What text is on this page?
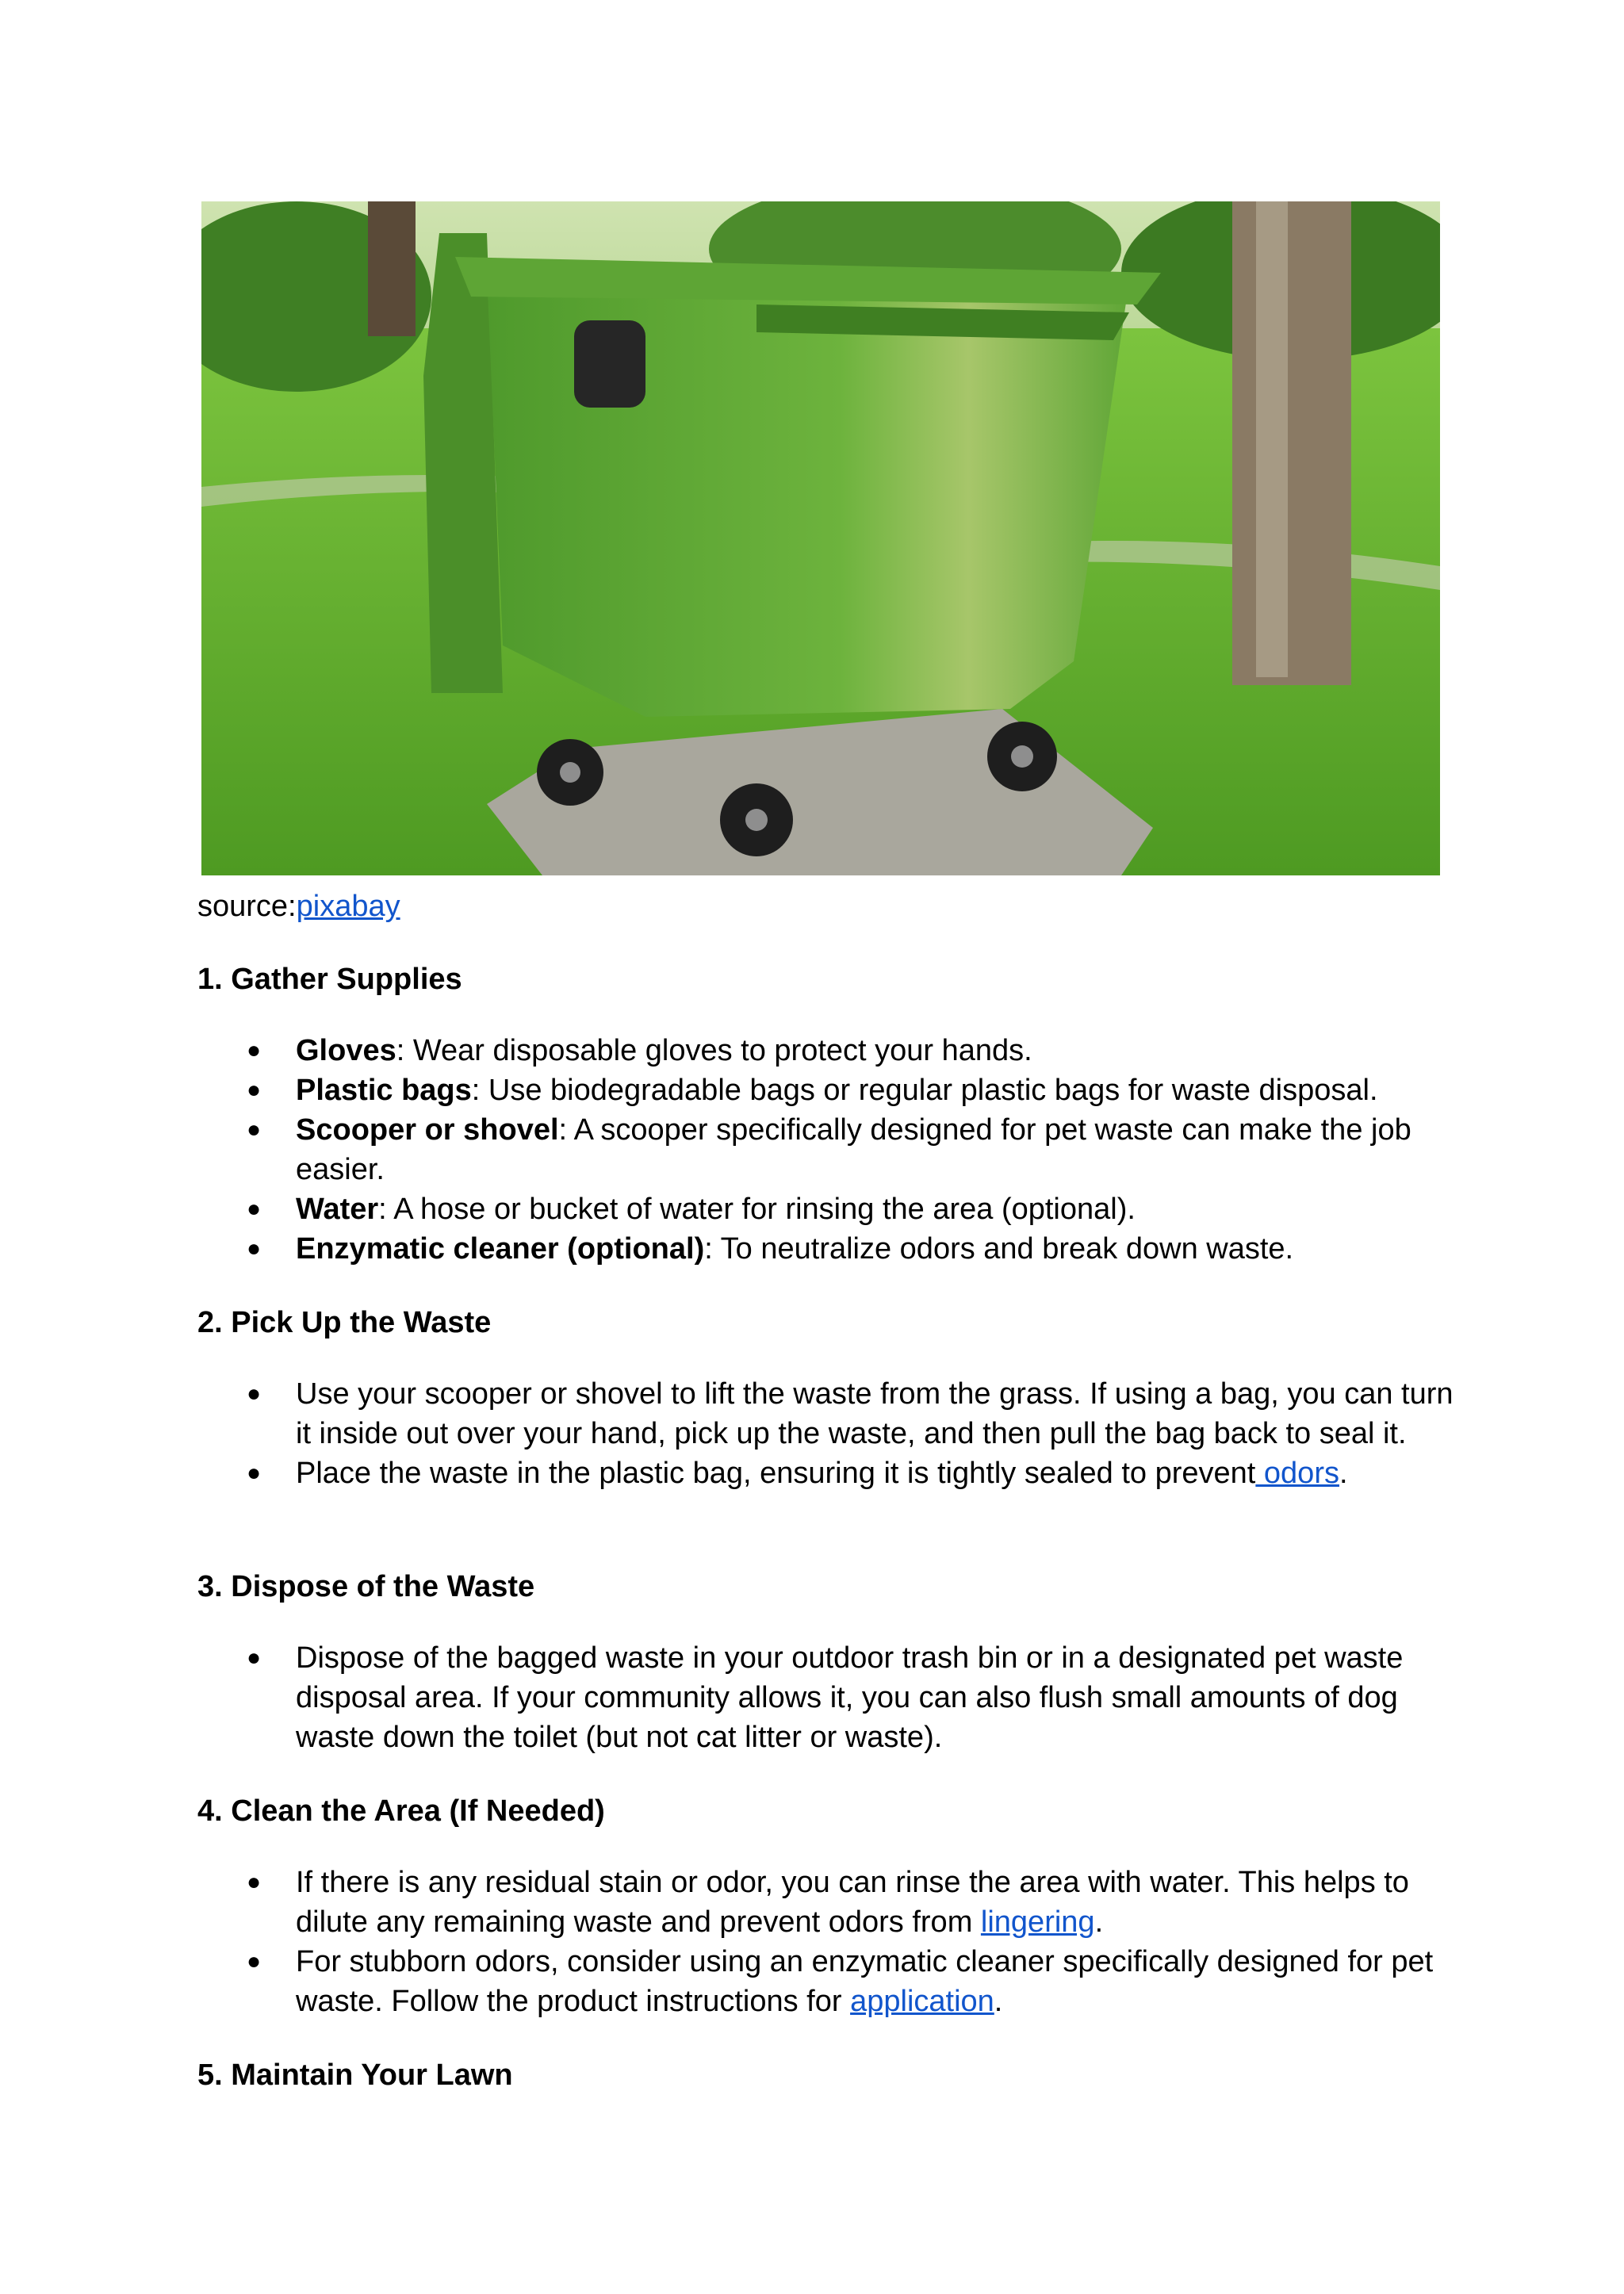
source:pixabay
1. Gather Supplies
● Gloves: Wear disposable gloves to protect your hands.
● Plastic bags: Use biodegradable bags or regular plastic bags for waste disposal.
● Scooper or shovel: A scooper specifically designed for pet waste can make the job easier.
● Water: A hose or bucket of water for rinsing the area (optional).
● Enzymatic cleaner (optional): To neutralize odors and break down waste.
2. Pick Up the Waste
● Use your scooper or shovel to lift the waste from the grass. If using a bag, you can turn it inside out over your hand, pick up the waste, and then pull the bag back to seal it.
● Place the waste in the plastic bag, ensuring it is tightly sealed to prevent odors.
3. Dispose of the Waste
● Dispose of the bagged waste in your outdoor trash bin or in a designated pet waste disposal area. If your community allows it, you can also flush small amounts of dog waste down the toilet (but not cat litter or waste).
4. Clean the Area (If Needed)
● If there is any residual stain or odor, you can rinse the area with water. This helps to dilute any remaining waste and prevent odors from lingering.
● For stubborn odors, consider using an enzymatic cleaner specifically designed for pet waste. Follow the product instructions for application.
5. Maintain Your Lawn
